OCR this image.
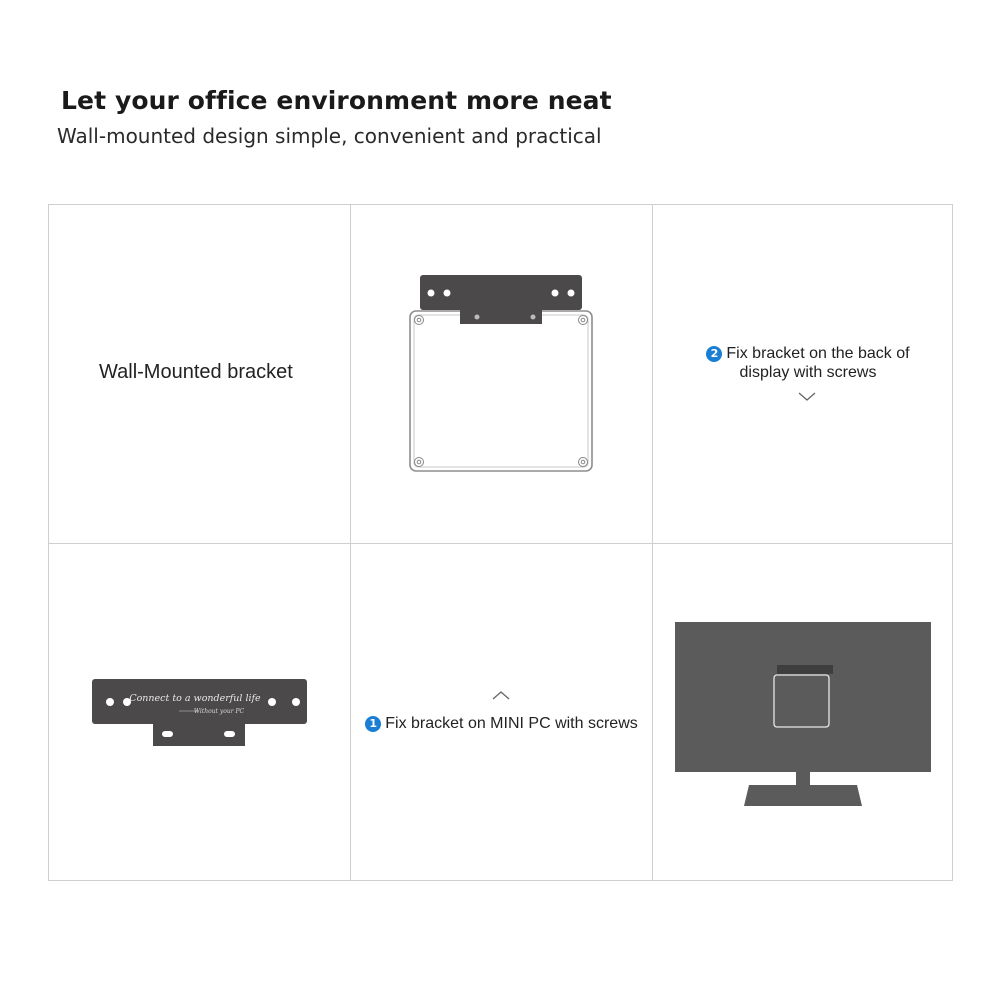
Let your office environment more neat

Wall-mounted design simple, convenient and practical

Wall-Mounted bracket
2 Fix bracket on the back of
display with screws
Connect to a wonderful life
Without your PC
1 Fix bracket on MINI PC with screws
